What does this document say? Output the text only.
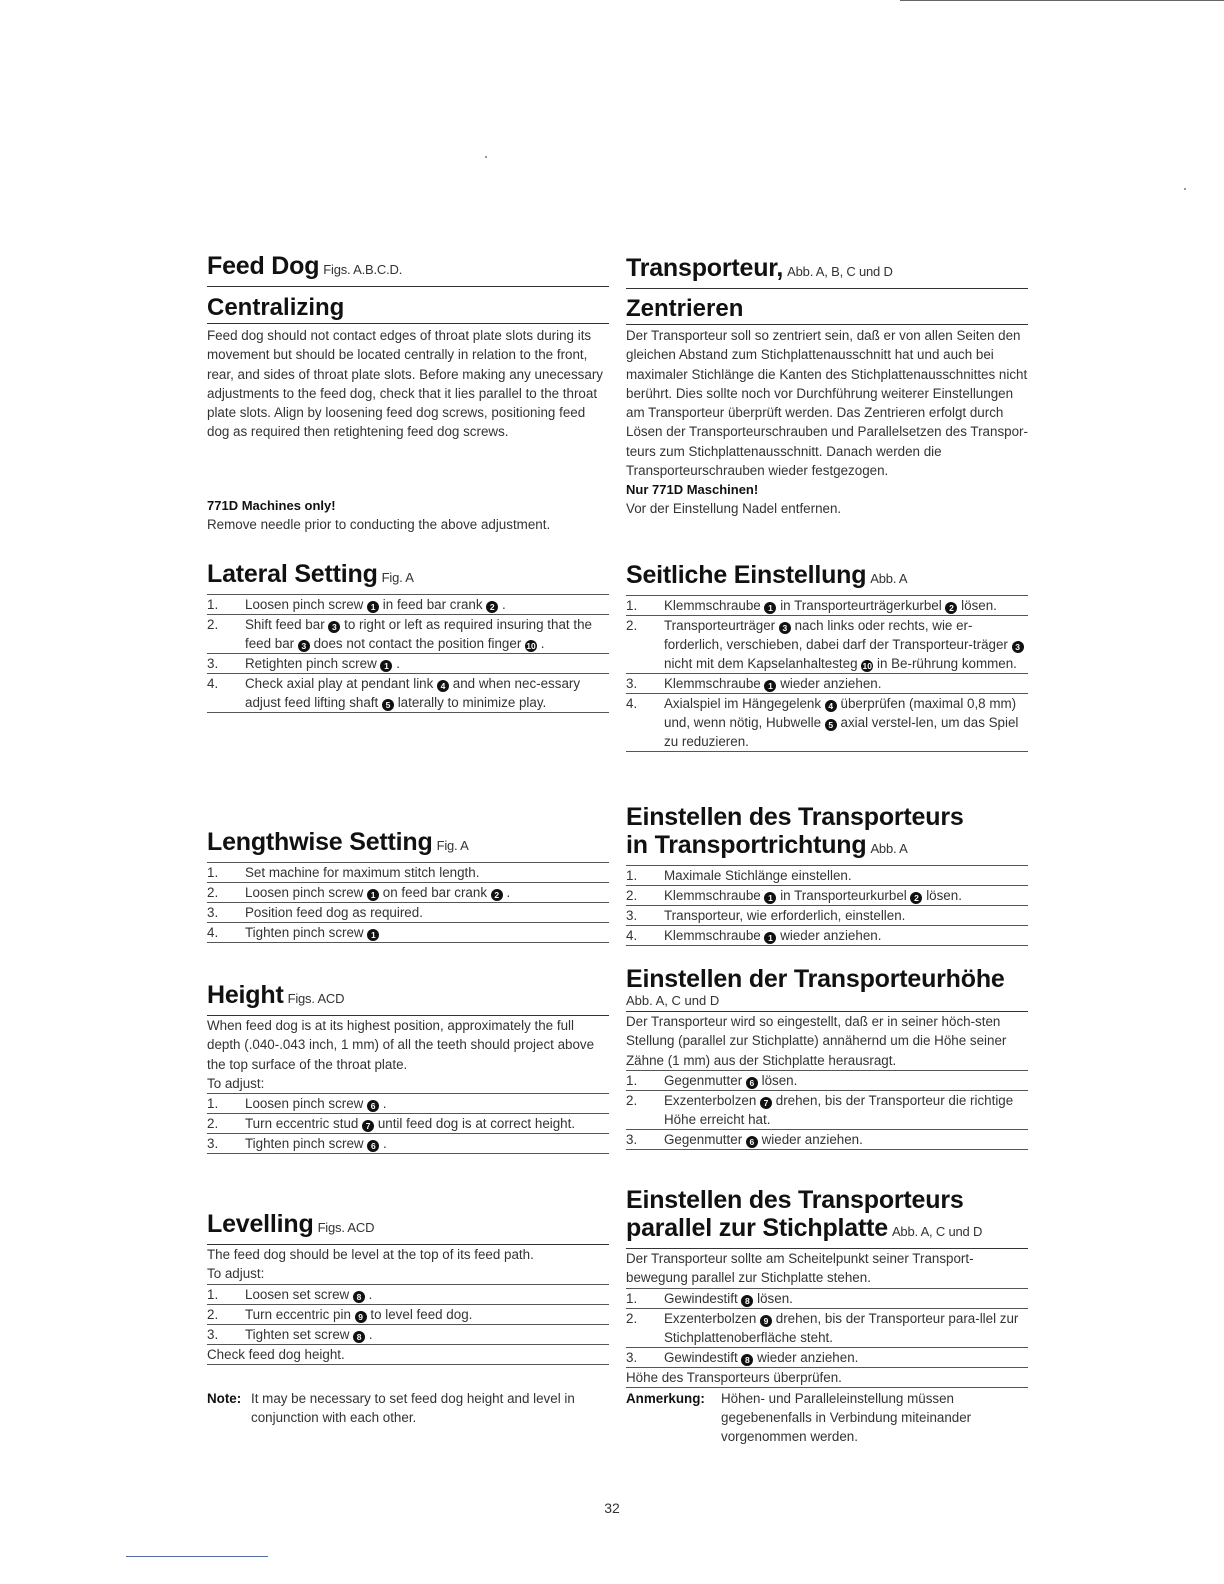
Feed Dog Figs. A.B.C.D.
Centralizing
Feed dog should not contact edges of throat plate slots during its movement but should be located centrally in relation to the front, rear, and sides of throat plate slots. Before making any unecessary adjustments to the feed dog, check that it lies parallel to the throat plate slots. Align by loosening feed dog screws, positioning feed dog as required then retightening feed dog screws.
771D Machines only!
Remove needle prior to conducting the above adjustment.
Lateral Setting Fig. A
1.	Loosen pinch screw 1 in feed bar crank 2 .
2.	Shift feed bar 3 to right or left as required insuring that the feed bar 3 does not contact the position finger 10 .
3.	Retighten pinch screw 1 .
4.	Check axial play at pendant link 4 and when nec-essary adjust feed lifting shaft 5 laterally to minimize play.
Lengthwise Setting Fig. A
1.	Set machine for maximum stitch length.
2.	Loosen pinch screw 1 on feed bar crank 2 .
3.	Position feed dog as required.
4.	Tighten pinch screw 1
Height Figs. ACD
When feed dog is at its highest position, approximately the full depth (.040-.043 inch, 1 mm) of all the teeth should project above the top surface of the throat plate.
To adjust:
1.	Loosen pinch screw 6 .
2.	Turn eccentric stud 7 until feed dog is at correct height.
3.	Tighten pinch screw 6 .
Levelling Figs. ACD
The feed dog should be level at the top of its feed path.
To adjust:
1.	Loosen set screw 8 .
2.	Turn eccentric pin 9 to level feed dog.
3.	Tighten set screw 8 .
Check feed dog height.
Note: It may be necessary to set feed dog height and level in conjunction with each other.
Transporteur, Abb. A, B, C und D
Zentrieren
Der Transporteur soll so zentriert sein, daß er von allen Seiten den gleichen Abstand zum Stichplattenausschnitt hat und auch bei maximaler Stichlänge die Kanten des Stichplattenausschnittes nicht berührt. Dies sollte noch vor Durchführung weiterer Einstellungen am Transporteur überprüft werden. Das Zentrieren erfolgt durch Lösen der Transporteurschrauben und Parallelsetzen des Transpor-teurs zum Stichplattenausschnitt. Danach werden die Transporteurschrauben wieder festgezogen.
Nur 771D Maschinen!
Vor der Einstellung Nadel entfernen.
Seitliche Einstellung Abb. A
1.	Klemmschraube 1 in Transporteurträgerkurbel 2 lösen.
2.	Transporteurträger 3 nach links oder rechts, wie er-forderlich, verschieben, dabei darf der Transporteur-träger 3 nicht mit dem Kapselanhaltesteg 10 in Be-rührung kommen.
3.	Klemmschraube 1 wieder anziehen.
4.	Axialspiel im Hängegelenk 4 überprüfen (maximal 0,8 mm) und, wenn nötig, Hubwelle 5 axial verstel-len, um das Spiel zu reduzieren.
Einstellen des Transporteurs
in Transportrichtung Abb. A
1.	Maximale Stichlänge einstellen.
2.	Klemmschraube 1 in Transporteurkurbel 2 lösen.
3.	Transporteur, wie erforderlich, einstellen.
4.	Klemmschraube 1 wieder anziehen.
Einstellen der Transporteurhöhe
Abb. A, C und D
Der Transporteur wird so eingestellt, daß er in seiner höch-sten Stellung (parallel zur Stichplatte) annähernd um die Höhe seiner Zähne (1 mm) aus der Stichplatte herausragt.
1.	Gegenmutter 6 lösen.
2.	Exzenterbolzen 7 drehen, bis der Transporteur die richtige Höhe erreicht hat.
3.	Gegenmutter 6 wieder anziehen.
Einstellen des Transporteurs
parallel zur Stichplatte Abb. A, C und D
Der Transporteur sollte am Scheitelpunkt seiner Transport-bewegung parallel zur Stichplatte stehen.
1.	Gewindestift 8 lösen.
2.	Exzenterbolzen 9 drehen, bis der Transporteur para-llel zur Stichplattenoberfläche steht.
3.	Gewindestift 8 wieder anziehen.
Höhe des Transporteurs überprüfen.
Anmerkung:	Höhen- und Paralleleinstellung müssen gegebenenfalls in Verbindung miteinander vorgenommen werden.
32
